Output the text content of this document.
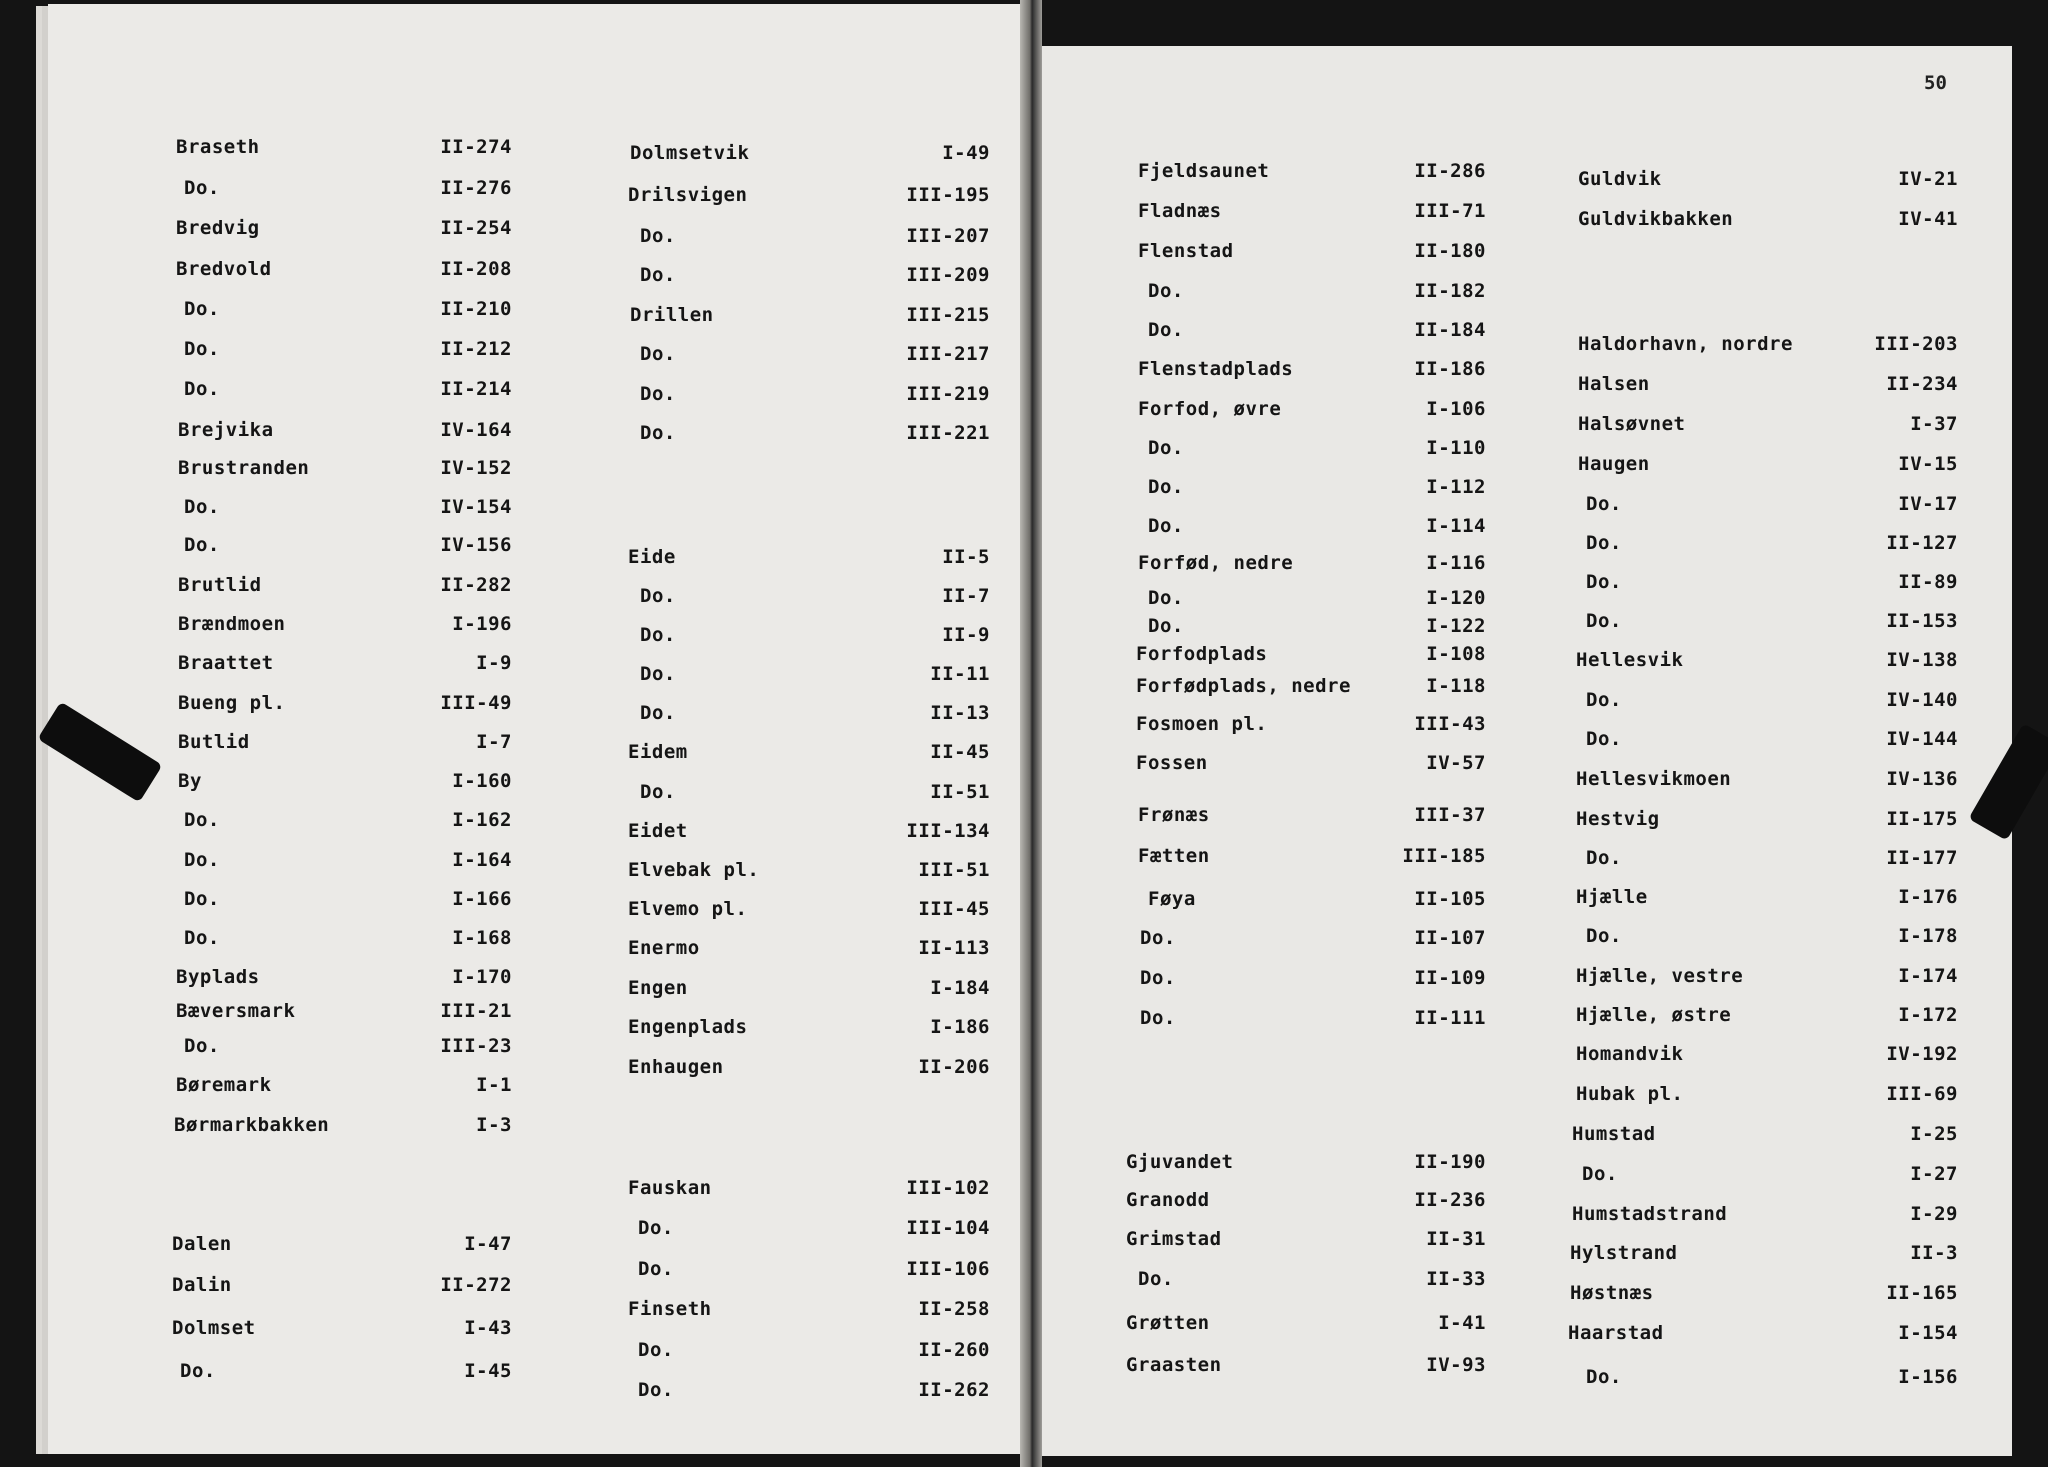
50
Braseth	II-274
Do.	II-276
Bredvig	II-254
Bredvold	II-208
Do.	II-210
Do.	II-212
Do.	II-214
Brejvika	IV-164
Brustranden	IV-152
Do.	IV-154
Do.	IV-156
Brutlid	II-282
Brændmoen	I-196
Braattet	I-9
Bueng pl.	III-49
Butlid	I-7
By	I-160
Do.	I-162
Do.	I-164
Do.	I-166
Do.	I-168
Byplads	I-170
Bæversmark	III-21
Do.	III-23
Børemark	I-1
Børmarkbakken	I-3
Dalen	I-47
Dalin	II-272
Dolmset	I-43
Do.	I-45
Dolmsetvik	I-49
Drilsvigen	III-195
Do.	III-207
Do.	III-209
Drillen	III-215
Do.	III-217
Do.	III-219
Do.	III-221
Eide	II-5
Do.	II-7
Do.	II-9
Do.	II-11
Do.	II-13
Eidem	II-45
Do.	II-51
Eidet	III-134
Elvebak pl.	III-51
Elvemo pl.	III-45
Enermo	II-113
Engen	I-184
Engenplads	I-186
Enhaugen	II-206
Fauskan	III-102
Do.	III-104
Do.	III-106
Finseth	II-258
Do.	II-260
Do.	II-262
Fjeldsaunet	II-286
Fladnæs	III-71
Flenstad	II-180
Do.	II-182
Do.	II-184
Flenstadplads	II-186
Forfod, øvre	I-106
Do.	I-110
Do.	I-112
Do.	I-114
Forfød, nedre	I-116
Do.	I-120
Do.	I-122
Forfodplads	I-108
Forfødplads, nedre	I-118
Fosmoen pl.	III-43
Fossen	IV-57
Frønæs	III-37
Fætten	III-185
Føya	II-105
Do.	II-107
Do.	II-109
Do.	II-111
Gjuvandet	II-190
Granodd	II-236
Grimstad	II-31
Do.	II-33
Grøtten	I-41
Graasten	IV-93
Guldvik	IV-21
Guldvikbakken	IV-41
Haldorhavn, nordre	III-203
Halsen	II-234
Halsøvnet	I-37
Haugen	IV-15
Do.	IV-17
Do.	II-127
Do.	II-89
Do.	II-153
Hellesvik	IV-138
Do.	IV-140
Do.	IV-144
Hellesvikmoen	IV-136
Hestvig	II-175
Do.	II-177
Hjælle	I-176
Do.	I-178
Hjælle, vestre	I-174
Hjælle, østre	I-172
Homandvik	IV-192
Hubak pl.	III-69
Humstad	I-25
Do.	I-27
Humstadstrand	I-29
Hylstrand	II-3
Høstnæs	II-165
Haarstad	I-154
Do.	I-156
